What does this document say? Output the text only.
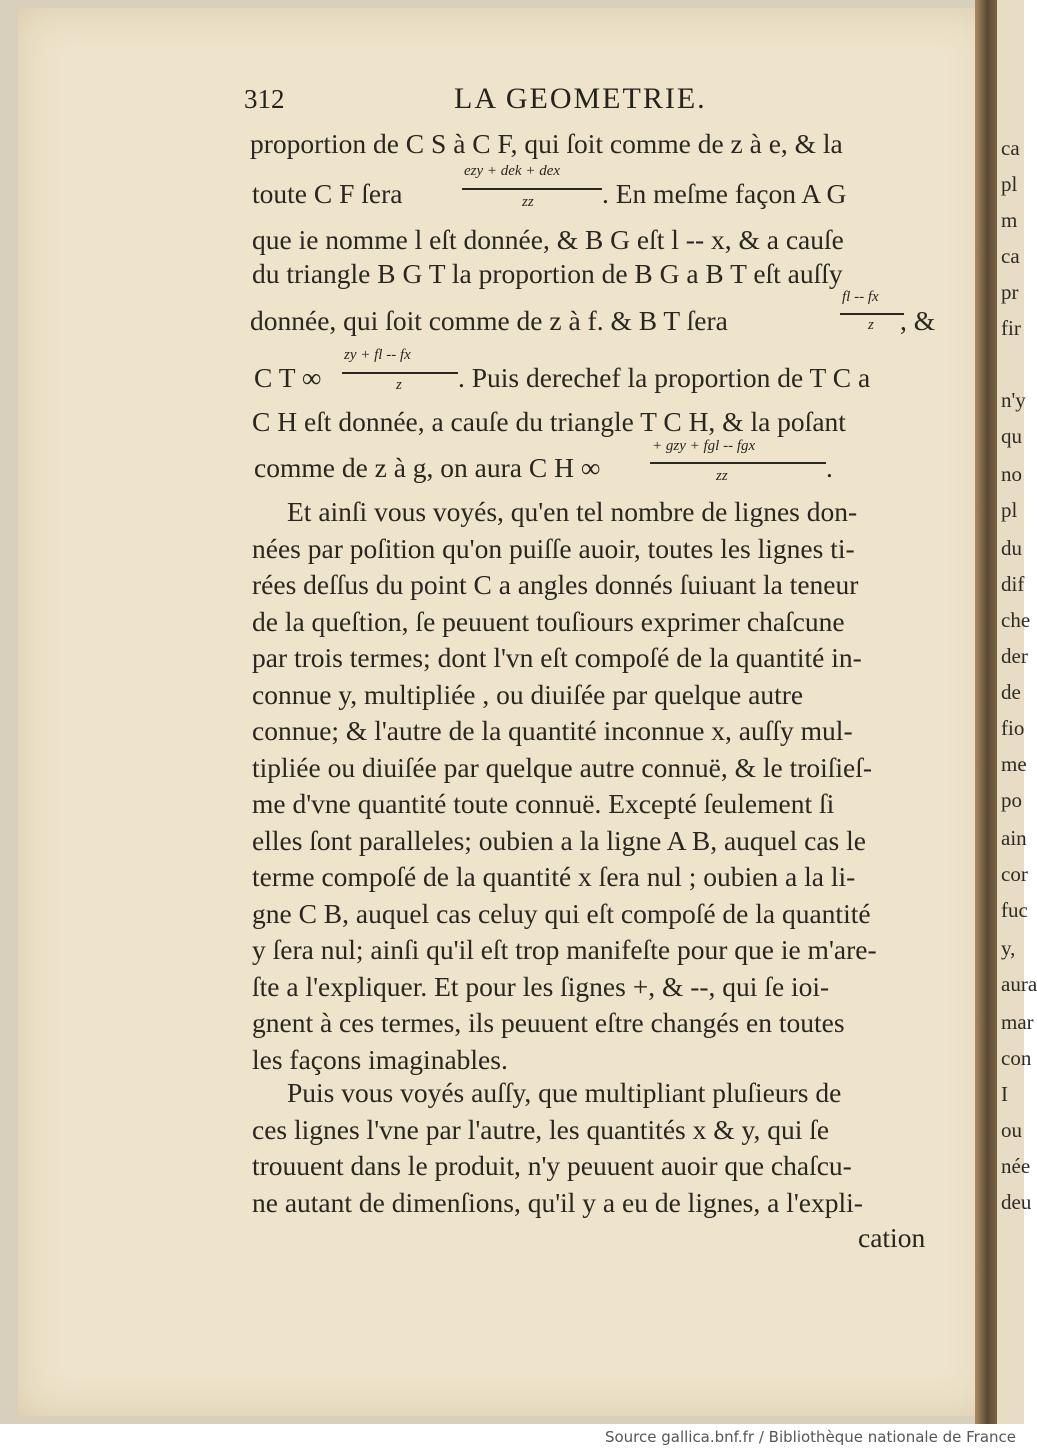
ca
pl
m
ca
pr
fir
n'y
qu
no
pl
du
dif
che
der
de
fio
me
po
ain
cor
fuc
y,
aura
mar
con
I
ou
née
deu
312	LA GEOMETRIE.
proportion de C S à C F, qui ſoit comme de z à e, & la
toute C F ſera
ezy + dek + dex
zz . En meſme façon A G
que ie nomme l eſt donnée, & B G eſt l -- x, & a cauſe
du triangle B G T la proportion de B G a B T eſt auſſy
donnée, qui ſoit comme de z à f. & B T ſera
fl -- fx
z , &
C T ∞
zy + fl -- fx
z . Puis derechef la proportion de T C a
C H eſt donnée, a cauſe du triangle T C H, & la poſant
comme de z à g, on aura C H ∞
+ gzy + fgl -- fgx
zz	.
Et ainſi vous voyés, qu'en tel nombre de lignes don-
nées par poſition qu'on puiſſe auoir, toutes les lignes ti-
rées deſſus du point C a angles donnés ſuiuant la teneur
de la queſtion, ſe peuuent touſiours exprimer chaſcune
par trois termes; dont l'vn eſt compoſé de la quantité in-
connue y, multipliée , ou diuiſée par quelque autre
connue; & l'autre de la quantité inconnue x, auſſy mul-
tipliée ou diuiſée par quelque autre connuë, & le troiſieſ-
me d'vne quantité toute connuë. Excepté ſeulement ſi
elles ſont paralleles; oubien a la ligne A B, auquel cas le
terme compoſé de la quantité x ſera nul ; oubien a la li-
gne C B, auquel cas celuy qui eſt compoſé de la quantité
y ſera nul; ainſi qu'il eſt trop manifeſte pour que ie m'are-
ſte a l'expliquer. Et pour les ſignes +, & --, qui ſe ioi-
gnent à ces termes, ils peuuent eſtre changés en toutes
les façons imaginables.
Puis vous voyés auſſy, que multipliant pluſieurs de
ces lignes l'vne par l'autre, les quantités x & y, qui ſe
trouuent dans le produit, n'y peuuent auoir que chaſcu-
ne autant de dimenſions, qu'il y a eu de lignes, a l'expli-
cation
Source gallica.bnf.fr / Bibliothèque nationale de France
